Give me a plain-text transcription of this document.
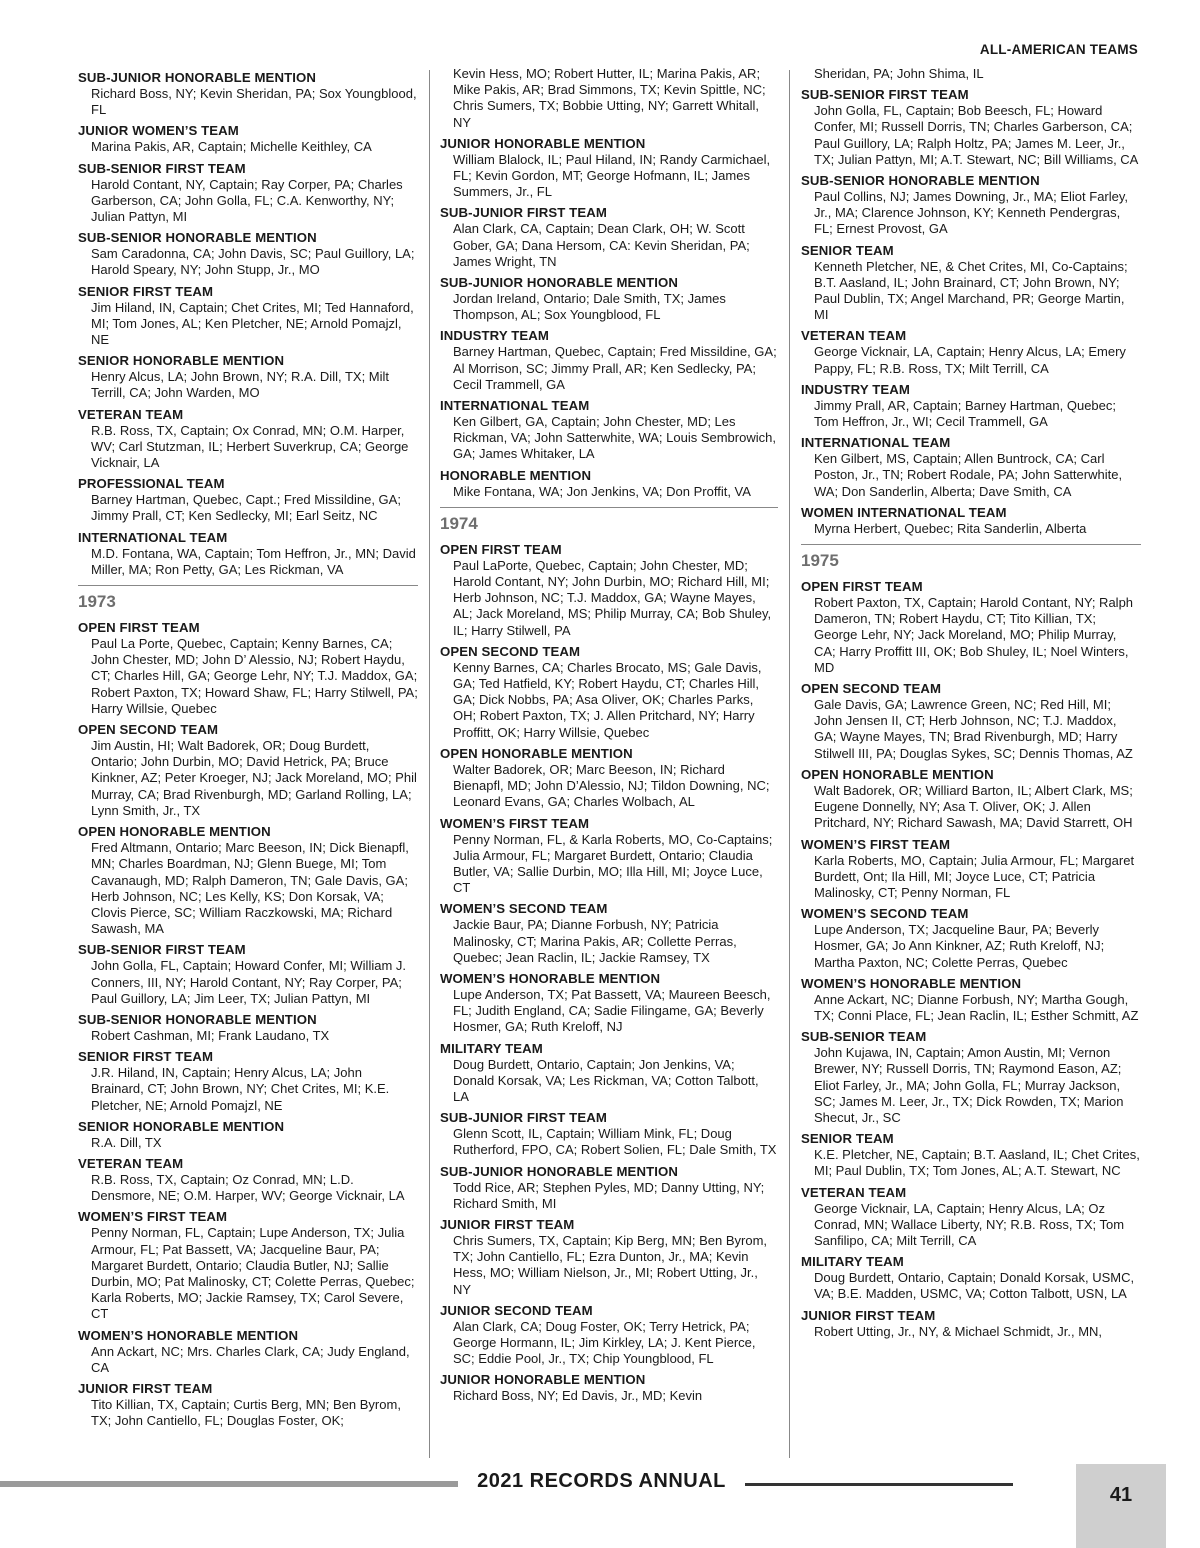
ALL-AMERICAN TEAMS
SUB-JUNIOR HONORABLE MENTION
Richard Boss, NY; Kevin Sheridan, PA; Sox Youngblood, FL
JUNIOR WOMEN’S TEAM
Marina Pakis, AR, Captain; Michelle Keithley, CA
SUB-SENIOR FIRST TEAM
Harold Contant, NY, Captain; Ray Corper, PA; Charles Garberson, CA; John Golla, FL; C.A. Kenworthy, NY; Julian Pattyn, MI
SUB-SENIOR HONORABLE MENTION
Sam Caradonna, CA; John Davis, SC; Paul Guillory, LA; Harold Speary, NY; John Stupp, Jr., MO
SENIOR FIRST TEAM
Jim Hiland, IN, Captain; Chet Crites, MI; Ted Hannaford, MI; Tom Jones, AL; Ken Pletcher, NE; Arnold Pomajzl, NE
SENIOR HONORABLE MENTION
Henry Alcus, LA; John Brown, NY; R.A. Dill, TX; Milt Terrill, CA; John Warden, MO
VETERAN TEAM
R.B. Ross, TX, Captain; Ox Conrad, MN; O.M. Harper, WV; Carl Stutzman, IL; Herbert Suverkrup, CA; George Vicknair, LA
PROFESSIONAL TEAM
Barney Hartman, Quebec, Capt.; Fred Missildine, GA; Jimmy Prall, CT; Ken Sedlecky, MI; Earl Seitz, NC
INTERNATIONAL TEAM
M.D. Fontana, WA, Captain; Tom Heffron, Jr., MN; David Miller, MA; Ron Petty, GA; Les Rickman, VA
1973
OPEN FIRST TEAM
Paul La Porte, Quebec, Captain; Kenny Barnes, CA; John Chester, MD; John D’ Alessio, NJ; Robert Haydu, CT; Charles Hill, GA; George Lehr, NY; T.J. Maddox, GA; Robert Paxton, TX; Howard Shaw, FL; Harry Stilwell, PA; Harry Willsie, Quebec
OPEN SECOND TEAM
Jim Austin, HI; Walt Badorek, OR; Doug Burdett, Ontario; John Durbin, MO; David Hetrick, PA; Bruce Kinkner, AZ; Peter Kroeger, NJ; Jack Moreland, MO; Phil Murray, CA; Brad Rivenburgh, MD; Garland Rolling, LA; Lynn Smith, Jr., TX
OPEN HONORABLE MENTION
Fred Altmann, Ontario; Marc Beeson, IN; Dick Bienapfl, MN; Charles Boardman, NJ; Glenn Buege, MI; Tom Cavanaugh, MD; Ralph Dameron, TN; Gale Davis, GA; Herb Johnson, NC; Les Kelly, KS; Don Korsak, VA; Clovis Pierce, SC; William Raczkowski, MA; Richard Sawash, MA
SUB-SENIOR FIRST TEAM
John Golla, FL, Captain; Howard Confer, MI; William J. Conners, III, NY; Harold Contant, NY; Ray Corper, PA; Paul Guillory, LA; Jim Leer, TX; Julian Pattyn, MI
SUB-SENIOR HONORABLE MENTION
Robert Cashman, MI; Frank Laudano, TX
SENIOR FIRST TEAM
J.R. Hiland, IN, Captain; Henry Alcus, LA; John Brainard, CT; John Brown, NY; Chet Crites, MI; K.E. Pletcher, NE; Arnold Pomajzl, NE
SENIOR HONORABLE MENTION
R.A. Dill, TX
VETERAN TEAM
R.B. Ross, TX, Captain; Oz Conrad, MN; L.D. Densmore, NE; O.M. Harper, WV; George Vicknair, LA
WOMEN’S FIRST TEAM
Penny Norman, FL, Captain; Lupe Anderson, TX; Julia Armour, FL; Pat Bassett, VA; Jacqueline Baur, PA; Margaret Burdett, Ontario; Claudia Butler, NJ; Sallie Durbin, MO; Pat Malinosky, CT; Colette Perras, Quebec; Karla Roberts, MO; Jackie Ramsey, TX; Carol Severe, CT
WOMEN’S HONORABLE MENTION
Ann Ackart, NC; Mrs. Charles Clark, CA; Judy England, CA
JUNIOR FIRST TEAM
Tito Killian, TX, Captain; Curtis Berg, MN; Ben Byrom, TX; John Cantiello, FL; Douglas Foster, OK;
Kevin Hess, MO; Robert Hutter, IL; Marina Pakis, AR; Mike Pakis, AR; Brad Simmons, TX; Kevin Spittle, NC; Chris Sumers, TX; Bobbie Utting, NY; Garrett Whitall, NY
JUNIOR HONORABLE MENTION
William Blalock, IL; Paul Hiland, IN; Randy Carmichael, FL; Kevin Gordon, MT; George Hofmann, IL; James Summers, Jr., FL
SUB-JUNIOR FIRST TEAM
Alan Clark, CA, Captain; Dean Clark, OH; W. Scott Gober, GA; Dana Hersom, CA: Kevin Sheridan, PA; James Wright, TN
SUB-JUNIOR HONORABLE MENTION
Jordan Ireland, Ontario; Dale Smith, TX; James Thompson, AL; Sox Youngblood, FL
INDUSTRY TEAM
Barney Hartman, Quebec, Captain; Fred Missildine, GA; Al Morrison, SC; Jimmy Prall, AR; Ken Sedlecky, PA; Cecil Trammell, GA
INTERNATIONAL TEAM
Ken Gilbert, GA, Captain; John Chester, MD; Les Rickman, VA; John Satterwhite, WA; Louis Sembrowich, GA; James Whitaker, LA
HONORABLE MENTION
Mike Fontana, WA; Jon Jenkins, VA; Don Proffit, VA
1974
OPEN FIRST TEAM
Paul LaPorte, Quebec, Captain; John Chester, MD; Harold Contant, NY; John Durbin, MO; Richard Hill, MI; Herb Johnson, NC; T.J. Maddox, GA; Wayne Mayes, AL; Jack Moreland, MS; Philip Murray, CA; Bob Shuley, IL; Harry Stilwell, PA
OPEN SECOND TEAM
Kenny Barnes, CA; Charles Brocato, MS; Gale Davis, GA; Ted Hatfield, KY; Robert Haydu, CT; Charles Hill, GA; Dick Nobbs, PA; Asa Oliver, OK; Charles Parks, OH; Robert Paxton, TX; J. Allen Pritchard, NY; Harry Proffitt, OK; Harry Willsie, Quebec
OPEN HONORABLE MENTION
Walter Badorek, OR; Marc Beeson, IN; Richard Bienapfl, MD; John D’Alessio, NJ; Tildon Downing, NC; Leonard Evans, GA; Charles Wolbach, AL
WOMEN’S FIRST TEAM
Penny Norman, FL, & Karla Roberts, MO, Co-Captains; Julia Armour, FL; Margaret Burdett, Ontario; Claudia Butler, VA; Sallie Durbin, MO; Illa Hill, MI; Joyce Luce, CT
WOMEN’S SECOND TEAM
Jackie Baur, PA; Dianne Forbush, NY; Patricia Malinosky, CT; Marina Pakis, AR; Collette Perras, Quebec; Jean Raclin, IL; Jackie Ramsey, TX
WOMEN’S HONORABLE MENTION
Lupe Anderson, TX; Pat Bassett, VA; Maureen Beesch, FL; Judith England, CA; Sadie Filingame, GA; Beverly Hosmer, GA; Ruth Kreloff, NJ
MILITARY TEAM
Doug Burdett, Ontario, Captain; Jon Jenkins, VA; Donald Korsak, VA; Les Rickman, VA; Cotton Talbott, LA
SUB-JUNIOR FIRST TEAM
Glenn Scott, IL, Captain; William Mink, FL; Doug Rutherford, FPO, CA; Robert Solien, FL; Dale Smith, TX
SUB-JUNIOR HONORABLE MENTION
Todd Rice, AR; Stephen Pyles, MD; Danny Utting, NY; Richard Smith, MI
JUNIOR FIRST TEAM
Chris Sumers, TX, Captain; Kip Berg, MN; Ben Byrom, TX; John Cantiello, FL; Ezra Dunton, Jr., MA; Kevin Hess, MO; William Nielson, Jr., MI; Robert Utting, Jr., NY
JUNIOR SECOND TEAM
Alan Clark, CA; Doug Foster, OK; Terry Hetrick, PA; George Hormann, IL; Jim Kirkley, LA; J. Kent Pierce, SC; Eddie Pool, Jr., TX; Chip Youngblood, FL
JUNIOR HONORABLE MENTION
Richard Boss, NY; Ed Davis, Jr., MD; Kevin
Sheridan, PA; John Shima, IL
SUB-SENIOR FIRST TEAM
John Golla, FL, Captain; Bob Beesch, FL; Howard Confer, MI; Russell Dorris, TN; Charles Garberson, CA; Paul Guillory, LA; Ralph Holtz, PA; James M. Leer, Jr., TX; Julian Pattyn, MI; A.T. Stewart, NC; Bill Williams, CA
SUB-SENIOR HONORABLE MENTION
Paul Collins, NJ; James Downing, Jr., MA; Eliot Farley, Jr., MA; Clarence Johnson, KY; Kenneth Pendergras, FL; Ernest Provost, GA
SENIOR TEAM
Kenneth Pletcher, NE, & Chet Crites, MI, Co-Captains; B.T. Aasland, IL; John Brainard, CT; John Brown, NY; Paul Dublin, TX; Angel Marchand, PR; George Martin, MI
VETERAN TEAM
George Vicknair, LA, Captain; Henry Alcus, LA; Emery Pappy, FL; R.B. Ross, TX; Milt Terrill, CA
INDUSTRY TEAM
Jimmy Prall, AR, Captain; Barney Hartman, Quebec; Tom Heffron, Jr., WI; Cecil Trammell, GA
INTERNATIONAL TEAM
Ken Gilbert, MS, Captain; Allen Buntrock, CA; Carl Poston, Jr., TN; Robert Rodale, PA; John Satterwhite, WA; Don Sanderlin, Alberta; Dave Smith, CA
WOMEN INTERNATIONAL TEAM
Myrna Herbert, Quebec; Rita Sanderlin, Alberta
1975
OPEN FIRST TEAM
Robert Paxton, TX, Captain; Harold Contant, NY; Ralph Dameron, TN; Robert Haydu, CT; Tito Killian, TX; George Lehr, NY; Jack Moreland, MO; Philip Murray, CA; Harry Proffitt III, OK; Bob Shuley, IL; Noel Winters, MD
OPEN SECOND TEAM
Gale Davis, GA; Lawrence Green, NC; Red Hill, MI; John Jensen II, CT; Herb Johnson, NC; T.J. Maddox, GA; Wayne Mayes, TN; Brad Rivenburgh, MD; Harry Stilwell III, PA; Douglas Sykes, SC; Dennis Thomas, AZ
OPEN HONORABLE MENTION
Walt Badorek, OR; Williard Barton, IL; Albert Clark, MS; Eugene Donnelly, NY; Asa T. Oliver, OK; J. Allen Pritchard, NY; Richard Sawash, MA; David Starrett, OH
WOMEN’S FIRST TEAM
Karla Roberts, MO, Captain; Julia Armour, FL; Margaret Burdett, Ont; Ila Hill, MI; Joyce Luce, CT; Patricia Malinosky, CT; Penny Norman, FL
WOMEN’S SECOND TEAM
Lupe Anderson, TX; Jacqueline Baur, PA; Beverly Hosmer, GA; Jo Ann Kinkner, AZ; Ruth Kreloff, NJ; Martha Paxton, NC; Colette Perras, Quebec
WOMEN’S HONORABLE MENTION
Anne Ackart, NC; Dianne Forbush, NY; Martha Gough, TX; Conni Place, FL; Jean Raclin, IL; Esther Schmitt, AZ
SUB-SENIOR TEAM
John Kujawa, IN, Captain; Amon Austin, MI; Vernon Brewer, NY; Russell Dorris, TN; Raymond Eason, AZ; Eliot Farley, Jr., MA; John Golla, FL; Murray Jackson, SC; James M. Leer, Jr., TX; Dick Rowden, TX; Marion Shecut, Jr., SC
SENIOR TEAM
K.E. Pletcher, NE, Captain; B.T. Aasland, IL; Chet Crites, MI; Paul Dublin, TX; Tom Jones, AL; A.T. Stewart, NC
VETERAN TEAM
George Vicknair, LA, Captain; Henry Alcus, LA; Oz Conrad, MN; Wallace Liberty, NY; R.B. Ross, TX; Tom Sanfilipo, CA; Milt Terrill, CA
MILITARY TEAM
Doug Burdett, Ontario, Captain; Donald Korsak, USMC, VA; B.E. Madden, USMC, VA; Cotton Talbott, USN, LA
JUNIOR FIRST TEAM
Robert Utting, Jr., NY, & Michael Schmidt, Jr., MN,
2021 RECORDS ANNUAL
41
